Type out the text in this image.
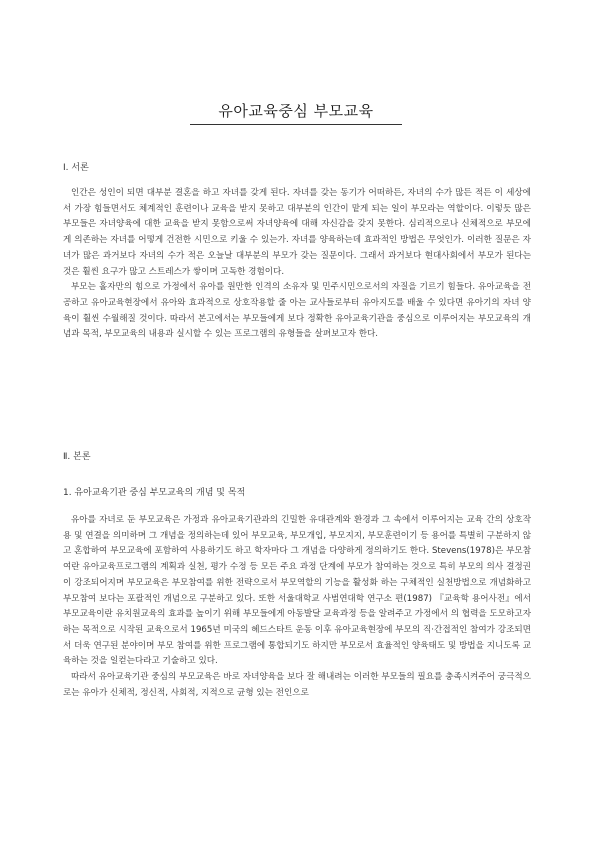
유아교육중심 부모교육
Ⅰ. 서론

인간은 성인이 되면 대부분 결혼을 하고 자녀를 갖게 된다. 자녀를 갖는 동기가 어떠하든, 자녀의 수가 많든 적든 이 세상에서 가장 힘들면서도 체계적인 훈련이나 교육을 받지 못하고 대부분의 인간이 맡게 되는 일이 부모라는 역할이다. 이렇듯 많은 부모들은 자녀양육에 대한 교육을 받지 못함으로써 자녀양육에 대해 자신감을 갖지 못한다. 심리적으로나 신체적으로 부모에게 의존하는 자녀를 어떻게 건전한 시민으로 키울 수 있는가. 자녀를 양육하는데 효과적인 방법은 무엇인가. 이러한 질문은 자녀가 많은 과거보다 자녀의 수가 적은 오늘날 대부분의 부모가 갖는 질문이다. 그래서 과거보다 현대사회에서 부모가 된다는 것은 훨씬 요구가 많고 스트레스가 쌓이며 고독한 경험이다.

부모는 홀자만의 힘으로 가정에서 유아를 원만한 인격의 소유자 및 민주시민으로서의 자질을 기르기 힘들다. 유아교육을 전공하고 유아교육현장에서 유아와 효과적으로 상호작용할 줄 아는 교사들로부터 유아지도를 배울 수 있다면 유아기의 자녀 양육이 훨씬 수월해질 것이다. 따라서 본고에서는 부모들에게 보다 정확한 유아교육기관을 중심으로 이루어지는 부모교육의 개념과 목적, 부모교육의 내용과 실시할 수 있는 프로그램의 유형들을 살펴보고자 한다.

Ⅱ. 본론
1. 유아교육기관 중심 부모교육의 개념 및 목적

유아를 자녀로 둔 부모교육은 가정과 유아교육기관과의 긴밀한 유대관계와 환경과 그 속에서 이루어지는 교육 간의 상호작용 및 연결을 의미하며 그 개념을 정의하는데 있어 부모교육, 부모개입, 부모지지, 부모훈련이기 등 용어를 특별히 구분하지 않고 혼합하여 부모교육에 포함하여 사용하기도 하고 학자마다 그 개념을 다양하게 정의하기도 한다. Stevens(1978)은 부모참여란 유아교육프로그램의 계획과 실천, 평가 수정 등 모든 주요 과정 단계에 부모가 참여하는 것으로 특히 부모의 의사 결정권이 강조되어지며 부모교육은 부모참여를 위한 전략으로서 부모역할의 기능을 활성화 하는 구체적인 실천방법으로 개념화하고 부모참여 보다는 포괄적인 개념으로 구분하고 있다. 또한 서울대학교 사범연대학 연구소 편(1987) 『교육학 용어사전』에서 부모교육이란 유치원교육의 효과를 높이기 위해 부모들에게 아동발달 교육과정 등을 알려주고 가정에서 의 협력을 도모하고자 하는 목적으로 시작된 교육으로서 1965년 미국의 헤드스타트 운동 이후 유아교육현장에 부모의 직·간접적인 참여가 강조되면서 더욱 연구된 분야이며 부모 참여를 위한 프로그램에 통합되기도 하지만 부모로서 효율적인 양육태도 및 방법을 지니도록 교육하는 것을 일컫는다라고 기술하고 있다.

따라서 유아교육기관 중심의 부모교육은 바로 자녀양육을 보다 잘 해내려는 이러한 부모들의 필요를 충족시켜주어 궁극적으로는 유아가 신체적, 정신적, 사회적, 지적으로 균형 있는 전인으로
